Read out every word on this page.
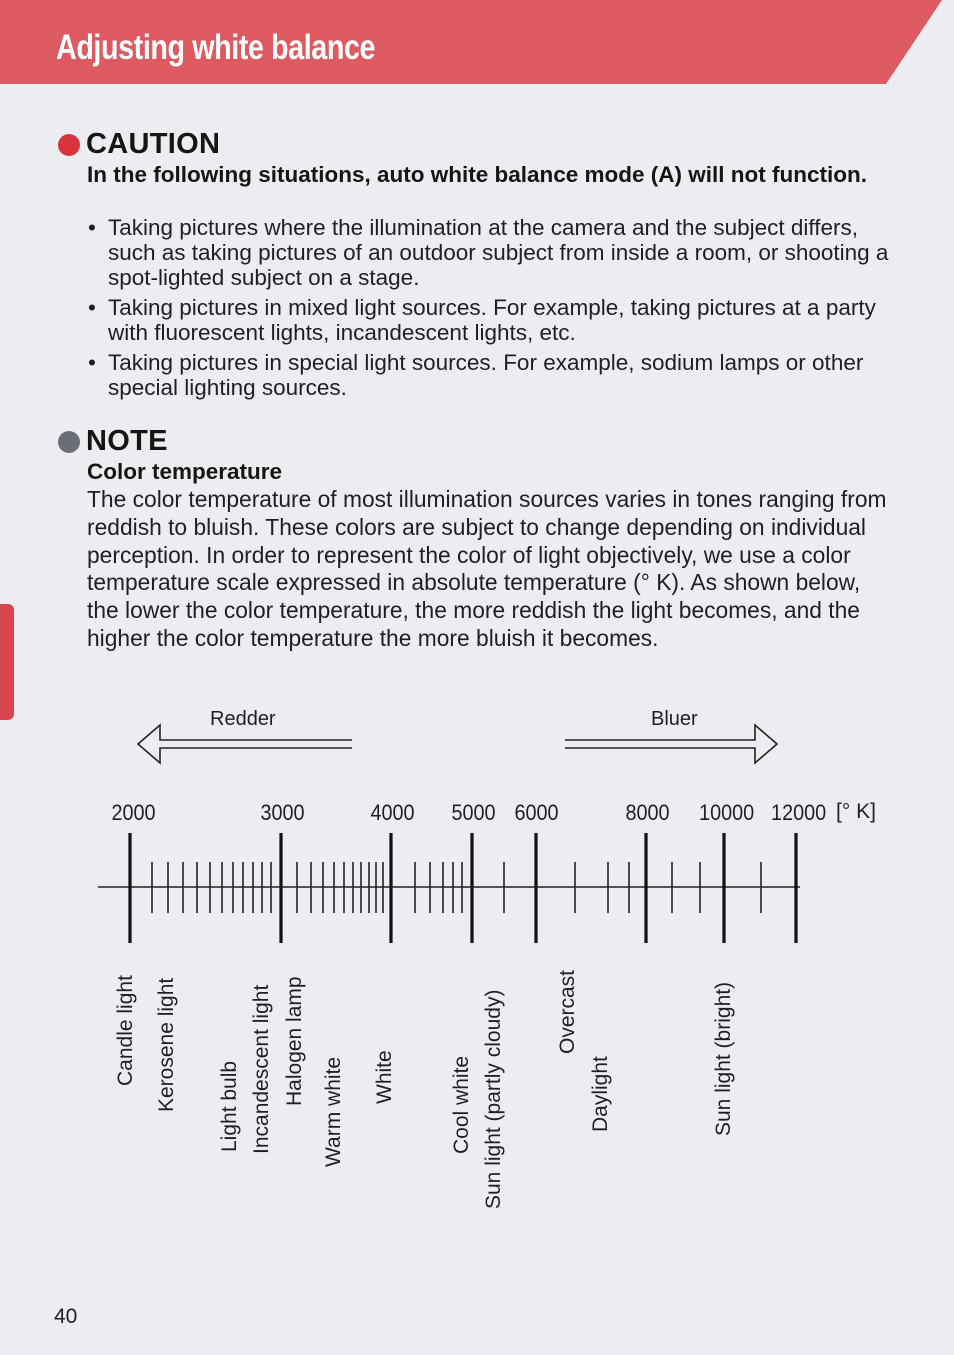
Adjusting white balance
CAUTION
In the following situations, auto white balance mode (A) will not function.
• Taking pictures where the illumination at the camera and the subject differs, such as taking pictures of an outdoor subject from inside a room, or shooting a spot-lighted subject on a stage.
• Taking pictures in mixed light sources. For example, taking pictures at a party with fluorescent lights, incandescent lights, etc.
• Taking pictures in special light sources. For example, sodium lamps or other special lighting sources.
NOTE
Color temperature

The color temperature of most illumination sources varies in tones ranging from reddish to bluish. These colors are subject to change depending on individual perception. In order to represent the color of light objectively, we use a color temperature scale expressed in absolute temperature (° K). As shown below, the lower the color temperature, the more reddish the light becomes, and the higher the color temperature the more bluish it becomes.

Redder	Bluer
2000	3000	4000 5000 6000	8000 10000 12000 [° K]
Candle light Kerosene light Light bulb Incandescent light Halogen lamp
Warm white White	Cool white Sun light (partly cloudy) Overcast
Daylight	Sun light (bright)
40
